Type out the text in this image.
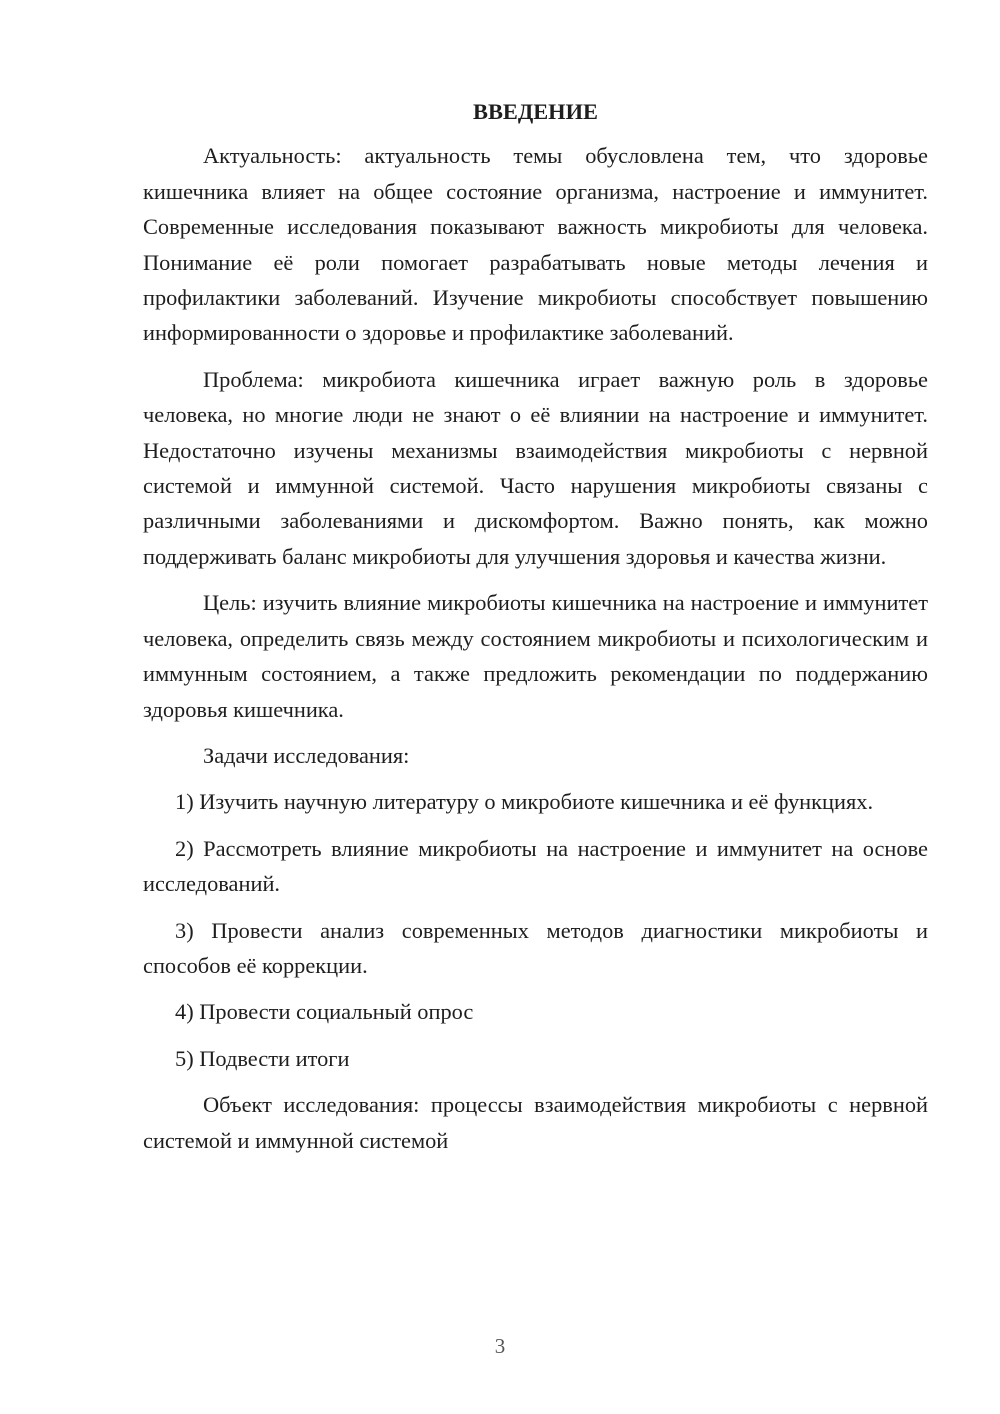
ВВЕДЕНИЕ

Актуальность: актуальность темы обусловлена тем, что здоровье кишечника влияет на общее состояние организма, настроение и иммунитет. Современные исследования показывают важность микробиоты для человека. Понимание её роли помогает разрабатывать новые методы лечения и профилактики заболеваний. Изучение микробиоты способствует повышению информированности о здоровье и профилактике заболеваний.

Проблема: микробиота кишечника играет важную роль в здоровье человека, но многие люди не знают о её влиянии на настроение и иммунитет. Недостаточно изучены механизмы взаимодействия микробиоты с нервной системой и иммунной системой. Часто нарушения микробиоты связаны с различными заболеваниями и дискомфортом. Важно понять, как можно поддерживать баланс микробиоты для улучшения здоровья и качества жизни.

Цель: изучить влияние микробиоты кишечника на настроение и иммунитет человека, определить связь между состоянием микробиоты и психологическим и иммунным состоянием, а также предложить рекомендации по поддержанию здоровья кишечника.

Задачи исследования:

1) Изучить научную литературу о микробиоте кишечника и её функциях.

2) Рассмотреть влияние микробиоты на настроение и иммунитет на основе исследований.

3) Провести анализ современных методов диагностики микробиоты и способов её коррекции.

4) Провести социальный опрос

5) Подвести итоги

Объект исследования: процессы взаимодействия микробиоты с нервной системой и иммунной системой

3
